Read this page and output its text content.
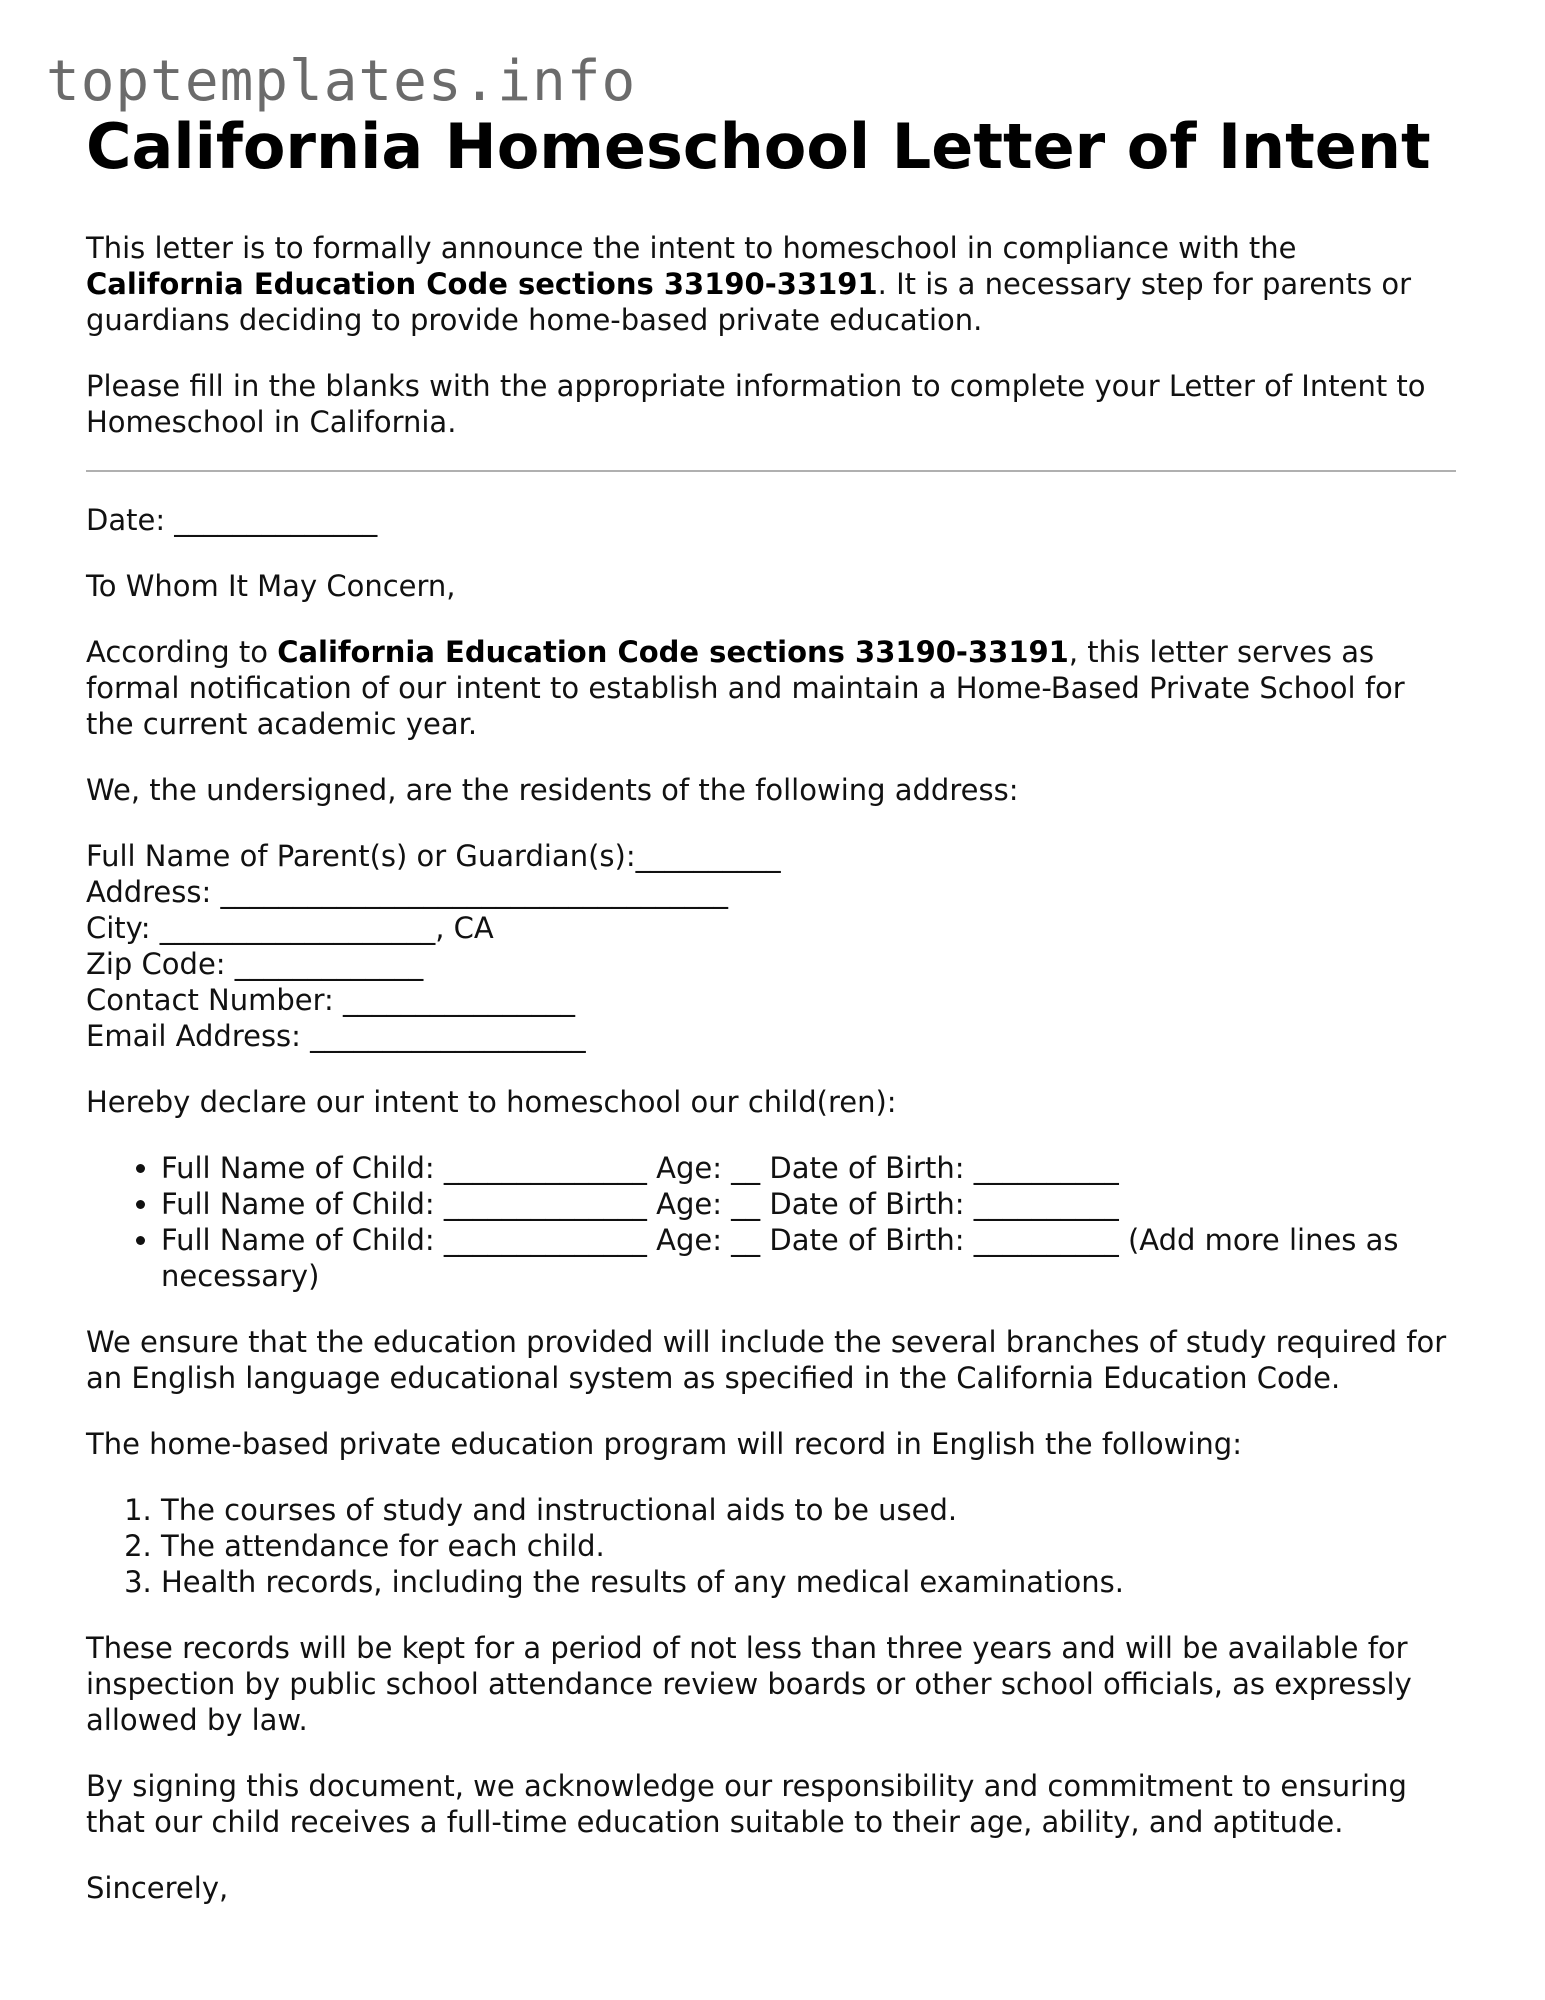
toptemplates.info
California Homeschool Letter of Intent

This letter is to formally announce the intent to homeschool in compliance with the California Education Code sections 33190-33191. It is a necessary step for parents or guardians deciding to provide home-based private education.

Please fill in the blanks with the appropriate information to complete your Letter of Intent to Homeschool in California.

Date: ______________

To Whom It May Concern,

According to California Education Code sections 33190-33191, this letter serves as formal notification of our intent to establish and maintain a Home-Based Private School for the current academic year.

We, the undersigned, are the residents of the following address:

Full Name of Parent(s) or Guardian(s):__________
Address: ___________________________________
City: ___________________, CA
Zip Code: _____________
Contact Number: ________________
Email Address: ___________________

Hereby declare our intent to homeschool our child(ren):

• Full Name of Child: ______________ Age: __ Date of Birth: __________
• Full Name of Child: ______________ Age: __ Date of Birth: __________
• Full Name of Child: ______________ Age: __ Date of Birth: __________ (Add more lines as necessary)

We ensure that the education provided will include the several branches of study required for an English language educational system as specified in the California Education Code.

The home-based private education program will record in English the following:

1. The courses of study and instructional aids to be used.
2. The attendance for each child.
3. Health records, including the results of any medical examinations.

These records will be kept for a period of not less than three years and will be available for inspection by public school attendance review boards or other school officials, as expressly allowed by law.

By signing this document, we acknowledge our responsibility and commitment to ensuring that our child receives a full-time education suitable to their age, ability, and aptitude.

Sincerely,
